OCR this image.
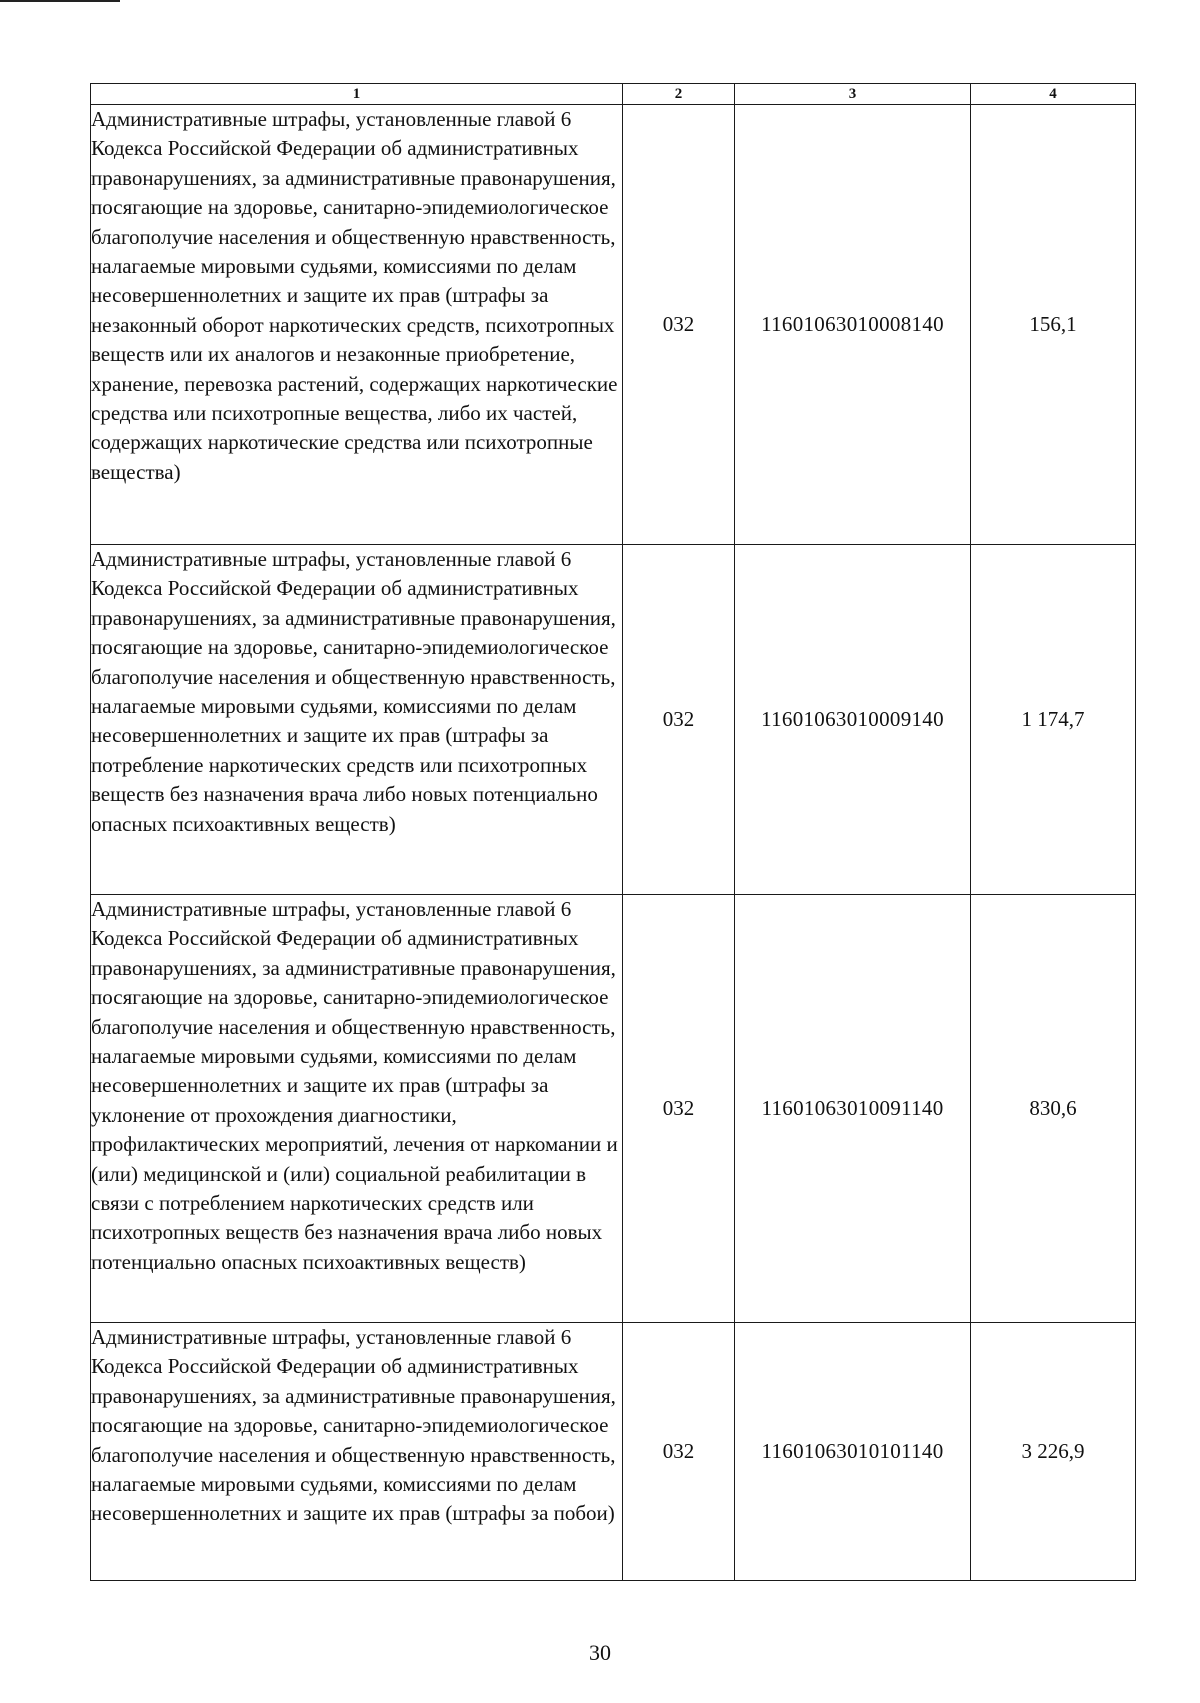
1	2	3	4
Административные штрафы, установленные главой 6 Кодекса Российской Федерации об административных правонарушениях, за административные правонарушения, посягающие на здоровье, санитарно-эпидемиологическое благополучие населения и общественную нравственность, налагаемые мировыми судьями, комиссиями по делам несовершеннолетних и защите их прав (штрафы за незаконный оборот наркотических средств, психотропных веществ или их аналогов и незаконные приобретение, хранение, перевозка растений, содержащих наркотические средства или психотропные вещества, либо их частей, содержащих наркотические средства или психотропные вещества)	032	11601063010008140	156,1
Административные штрафы, установленные главой 6 Кодекса Российской Федерации об административных правонарушениях, за административные правонарушения, посягающие на здоровье, санитарно-эпидемиологическое благополучие населения и общественную нравственность, налагаемые мировыми судьями, комиссиями по делам несовершеннолетних и защите их прав (штрафы за потребление наркотических средств или психотропных веществ без назначения врача либо новых потенциально опасных психоактивных веществ)	032	11601063010009140	1 174,7
Административные штрафы, установленные главой 6 Кодекса Российской Федерации об административных правонарушениях, за административные правонарушения, посягающие на здоровье, санитарно-эпидемиологическое благополучие населения и общественную нравственность, налагаемые мировыми судьями, комиссиями по делам несовершеннолетних и защите их прав (штрафы за уклонение от прохождения диагностики, профилактических мероприятий, лечения от наркомании и (или) медицинской и (или) социальной реабилитации в связи с потреблением наркотических средств или психотропных веществ без назначения врача либо новых потенциально опасных психоактивных веществ)	032	11601063010091140	830,6
Административные штрафы, установленные главой 6 Кодекса Российской Федерации об административных правонарушениях, за административные правонарушения, посягающие на здоровье, санитарно-эпидемиологическое благополучие населения и общественную нравственность, налагаемые мировыми судьями, комиссиями по делам несовершеннолетних и защите их прав (штрафы за побои)	032	11601063010101140	3 226,9
30
